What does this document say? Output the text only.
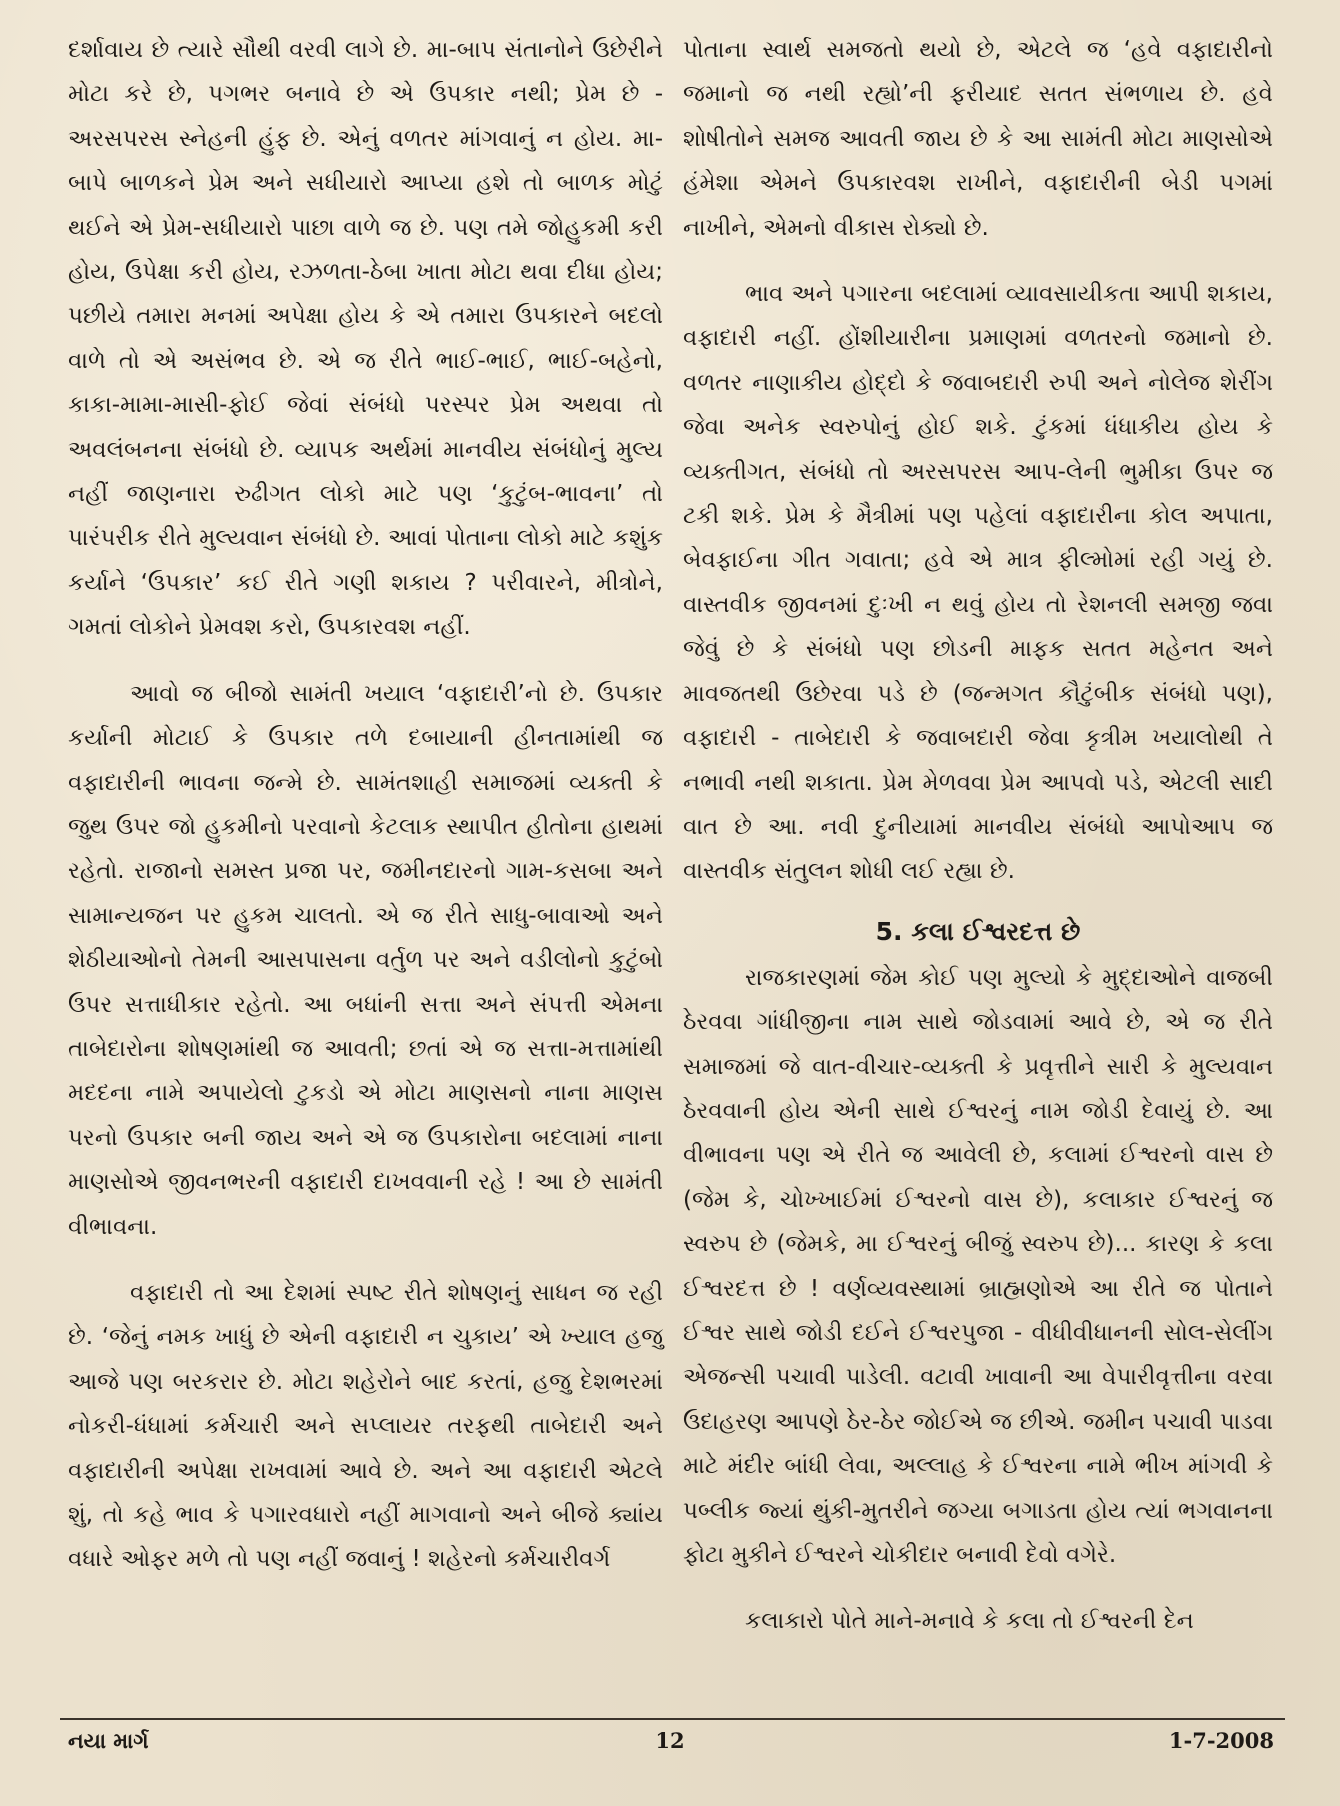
દર્શાવાય છે ત્યારે સૌથી વરવી લાગે છે. મા-બાપ સંતાનોને ઉછેરીને મોટા કરે છે, પગભર બનાવે છે એ ઉપકાર નથી; પ્રેમ છે - અરસપરસ સ્નેહની હુંફ છે. એનું વળતર માંગવાનું ન હોય. મા-બાપે બાળકને પ્રેમ અને સધીયારો આપ્યા હશે તો બાળક મોટું થઈને એ પ્રેમ-સધીયારો પાછા વાળે જ છે. પણ તમે જોહુકમી કરી હોય, ઉપેક્ષા કરી હોય, રઝળતા-ઠેબા ખાતા મોટા થવા દીધા હોય; પછીયે તમારા મનમાં અપેક્ષા હોય કે એ તમારા ઉપકારને બદલો વાળે તો એ અસંભવ છે. એ જ રીતે ભાઈ-ભાઈ, ભાઈ-બહેનો, કાકા-મામા-માસી-ફોઈ જેવાં સંબંધો પરસ્પર પ્રેમ અથવા તો અવલંબનના સંબંધો છે. વ્યાપક અર્થમાં માનવીય સંબંધોનું મુલ્ય નહીં જાણનારા રુઢીગત લોકો માટે પણ ‘કુટુંબ-ભાવના’ તો પારંપરીક રીતે મુલ્યવાન સંબંધો છે. આવાં પોતાના લોકો માટે કશુંક કર્યાને ‘ઉપકાર’ કઈ રીતે ગણી શકાય ? પરીવારને, મીત્રોને, ગમતાં લોકોને પ્રેમવશ કરો, ઉપકારવશ નહીં.

આવો જ બીજો સામંતી ખયાલ ‘વફાદારી’નો છે. ઉપકાર કર્યાની મોટાઈ કે ઉપકાર તળે દબાયાની હીનતામાંથી જ વફાદારીની ભાવના જન્મે છે. સામંતશાહી સમાજમાં વ્યક્તી કે જુથ ઉપર જો હુકમીનો પરવાનો કેટલાક સ્થાપીત હીતોના હાથમાં રહેતો. રાજાનો સમસ્ત પ્રજા પર, જમીનદારનો ગામ-કસબા અને સામાન્યજન પર હુકમ ચાલતો. એ જ રીતે સાધુ-બાવાઓ અને શેઠીયાઓનો તેમની આસપાસના વર્તુળ પર અને વડીલોનો કુટુંબો ઉપર સત્તાધીકાર રહેતો. આ બધાંની સત્તા અને સંપત્તી એમના તાબેદારોના શોષણમાંથી જ આવતી; છતાં એ જ સત્તા-મત્તામાંથી મદદના નામે અપાયેલો ટુકડો એ મોટા માણસનો નાના માણસ પરનો ઉપકાર બની જાય અને એ જ ઉપકારોના બદલામાં નાના માણસોએ જીવનભરની વફાદારી દાખવવાની રહે ! આ છે સામંતી વીભાવના.

વફાદારી તો આ દેશમાં સ્પષ્ટ રીતે શોષણનું સાધન જ રહી છે. ‘જેનું નમક ખાધું છે એની વફાદારી ન ચુકાય’ એ ખ્યાલ હજુ આજે પણ બરકરાર છે. મોટા શહેરોને બાદ કરતાં, હજુ દેશભરમાં નોકરી-ધંધામાં કર્મચારી અને સપ્લાયર તરફથી તાબેદારી અને વફાદારીની અપેક્ષા રાખવામાં આવે છે. અને આ વફાદારી એટલે શું, તો કહે ભાવ કે પગારવધારો નહીં માગવાનો અને બીજે ક્યાંય વધારે ઓફર મળે તો પણ નહીં જવાનું ! શહેરનો કર્મચારીવર્ગ

પોતાના સ્વાર્થ સમજતો થયો છે, એટલે જ ‘હવે વફાદારીનો જમાનો જ નથી રહ્યો’ની ફરીયાદ સતત સંભળાય છે. હવે શોષીતોને સમજ આવતી જાય છે કે આ સામંતી મોટા માણસોએ હંમેશા એમને ઉપકારવશ રાખીને, વફાદારીની બેડી પગમાં નાખીને, એમનો વીકાસ રોક્યો છે.

ભાવ અને પગારના બદલામાં વ્યાવસાયીકતા આપી શકાય, વફાદારી નહીં. હોંશીયારીના પ્રમાણમાં વળતરનો જમાનો છે. વળતર નાણાકીય હોદ્દો કે જવાબદારી રુપી અને નોલેજ શેરીંગ જેવા અનેક સ્વરુપોનું હોઈ શકે. ટુંકમાં ધંધાકીય હોય કે વ્યક્તીગત, સંબંધો તો અરસપરસ આપ-લેની ભુમીકા ઉપર જ ટકી શકે. પ્રેમ કે મૈત્રીમાં પણ પહેલાં વફાદારીના કોલ અપાતા, બેવફાઈના ગીત ગવાતા; હવે એ માત્ર ફીલ્મોમાં રહી ગયું છે. વાસ્તવીક જીવનમાં દુઃખી ન થવું હોય તો રેશનલી સમજી જવા જેવું છે કે સંબંધો પણ છોડની માફક સતત મહેનત અને માવજતથી ઉછેરવા પડે છે (જન્મગત કૌટુંબીક સંબંધો પણ), વફાદારી - તાબેદારી કે જવાબદારી જેવા કૃત્રીમ ખયાલોથી તે નભાવી નથી શકાતા. પ્રેમ મેળવવા પ્રેમ આપવો પડે, એટલી સાદી વાત છે આ. નવી દુનીયામાં માનવીય સંબંધો આપોઆપ જ વાસ્તવીક સંતુલન શોધી લઈ રહ્યા છે.

5. કલા ઈશ્વરદત્ત છે

રાજકારણમાં જેમ કોઈ પણ મુલ્યો કે મુદ્દાઓને વાજબી ઠેરવવા ગાંધીજીના નામ સાથે જોડવામાં આવે છે, એ જ રીતે સમાજમાં જે વાત-વીચાર-વ્યક્તી કે પ્રવૃત્તીને સારી કે મુલ્યવાન ઠેરવવાની હોય એની સાથે ઈશ્વરનું નામ જોડી દેવાયું છે. આ વીભાવના પણ એ રીતે જ આવેલી છે, કલામાં ઈશ્વરનો વાસ છે (જેમ કે, ચોખ્ખાઈમાં ઈશ્વરનો વાસ છે), કલાકાર ઈશ્વરનું જ સ્વરુપ છે (જેમકે, મા ઈશ્વરનું બીજું સ્વરુપ છે)... કારણ કે કલા ઈશ્વરદત્ત છે ! વર્ણવ્યવસ્થામાં બ્રાહ્મણોએ આ રીતે જ પોતાને ઈશ્વર સાથે જોડી દઈને ઈશ્વરપુજા - વીધીવીધાનની સોલ-સેલીંગ એજન્સી પચાવી પાડેલી. વટાવી ખાવાની આ વેપારીવૃત્તીના વરવા ઉદાહરણ આપણે ઠેર-ઠેર જોઈએ જ છીએ. જમીન પચાવી પાડવા માટે મંદીર બાંધી લેવા, અલ્લાહ કે ઈશ્વરના નામે ભીખ માંગવી કે પબ્લીક જ્યાં થુંકી-મુતરીને જગ્યા બગાડતા હોય ત્યાં ભગવાનના ફોટા મુકીને ઈશ્વરને ચોકીદાર બનાવી દેવો વગેરે.

કલાકારો પોતે માને-મનાવે કે કલા તો ઈશ્વરની દેન

નયા માર્ગ	12	1-7-2008
